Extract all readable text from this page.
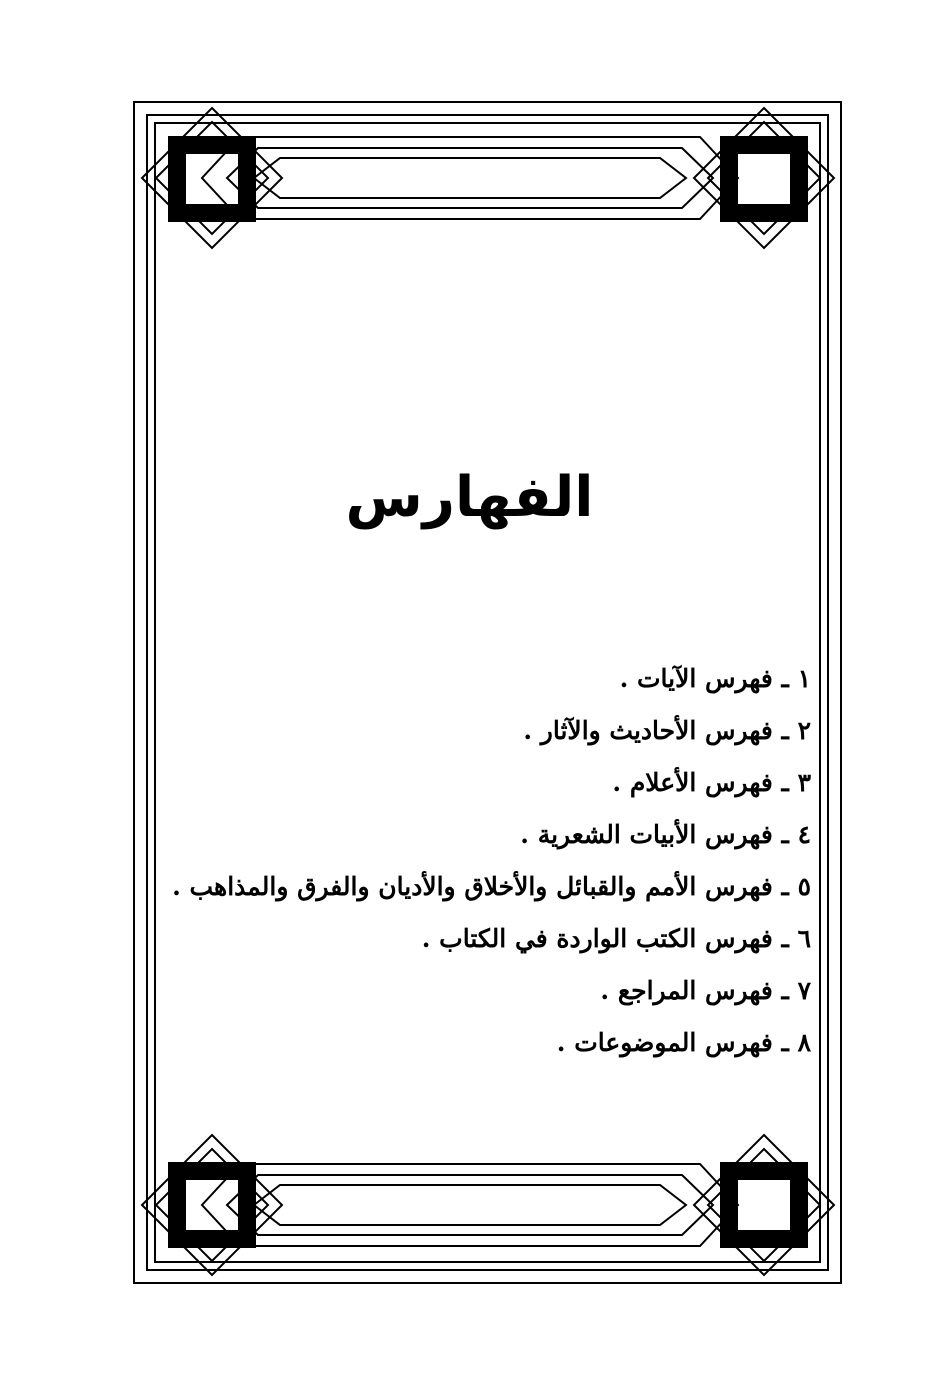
الفهارس
١ ـ فهرس الآيات .
٢ ـ فهرس الأحاديث والآثار .
٣ ـ فهرس الأعلام .
٤ ـ فهرس الأبيات الشعرية .
٥ ـ فهرس الأمم والقبائل والأخلاق والأديان والفرق والمذاهب .
٦ ـ فهرس الكتب الواردة في الكتاب .
٧ ـ فهرس المراجع .
٨ ـ فهرس الموضوعات .
